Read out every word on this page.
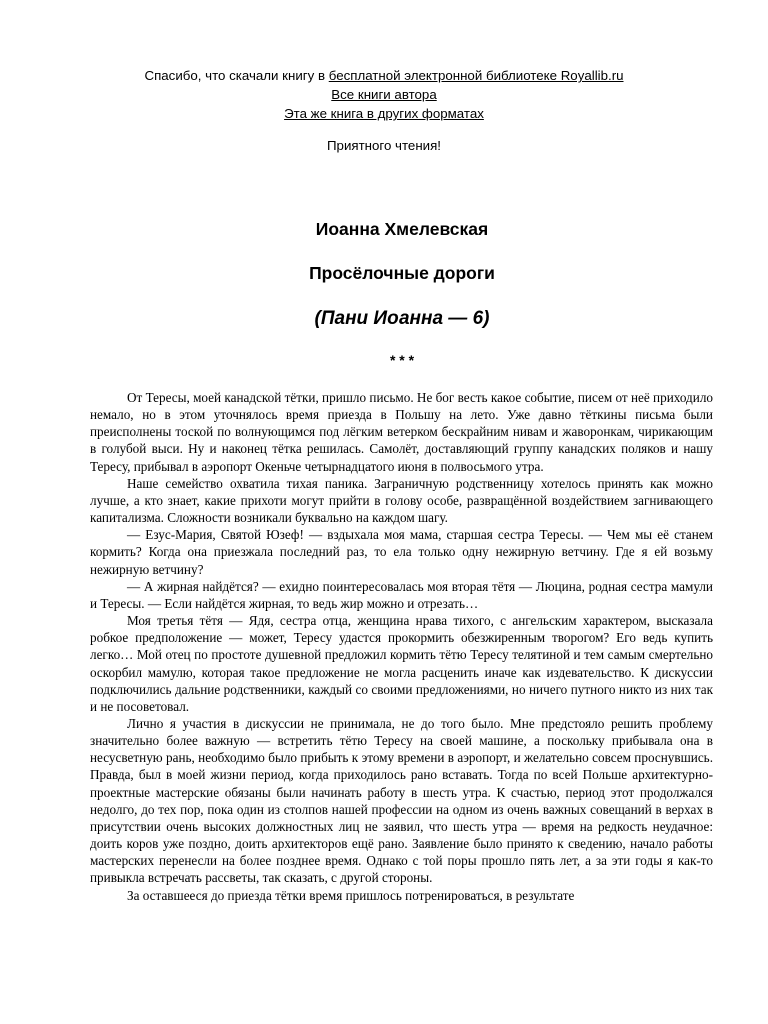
Спасибо, что скачали книгу в бесплатной электронной библиотеке Royallib.ru
Все книги автора
Эта же книга в других форматах
Приятного чтения!
Иоанна Хмелевская
Просёлочные дороги
(Пани Иоанна — 6)
* * *

От Тересы, моей канадской тётки, пришло письмо. Не бог весть какое событие, писем от неё приходило немало, но в этом уточнялось время приезда в Польшу на лето. Уже давно тёткины письма были преисполнены тоской по волнующимся под лёгким ветерком бескрайним нивам и жаворонкам, чирикающим в голубой выси. Ну и наконец тётка решилась. Самолёт, доставляющий группу канадских поляков и нашу Тересу, прибывал в аэропорт Океньче четырнадцатого июня в полвосьмого утра.

Наше семейство охватила тихая паника. Заграничную родственницу хотелось принять как можно лучше, а кто знает, какие прихоти могут прийти в голову особе, развращённой воздействием загнивающего капитализма. Сложности возникали буквально на каждом шагу.

— Езус-Мария, Святой Юзеф! — вздыхала моя мама, старшая сестра Тересы. — Чем мы её станем кормить? Когда она приезжала последний раз, то ела только одну нежирную ветчину. Где я ей возьму нежирную ветчину?

— А жирная найдётся? — ехидно поинтересовалась моя вторая тётя — Люцина, родная сестра мамули и Тересы. — Если найдётся жирная, то ведь жир можно и отрезать…

Моя третья тётя — Ядя, сестра отца, женщина нрава тихого, с ангельским характером, высказала робкое предположение — может, Тересу удастся прокормить обезжиренным творогом? Его ведь купить легко… Мой отец по простоте душевной предложил кормить тётю Тересу телятиной и тем самым смертельно оскорбил мамулю, которая такое предложение не могла расценить иначе как издевательство. К дискуссии подключились дальние родственники, каждый со своими предложениями, но ничего путного никто из них так и не посоветовал.

Лично я участия в дискуссии не принимала, не до того было. Мне предстояло решить проблему значительно более важную — встретить тётю Тересу на своей машине, а поскольку прибывала она в несусветную рань, необходимо было прибыть к этому времени в аэропорт, и желательно совсем проснувшись. Правда, был в моей жизни период, когда приходилось рано вставать. Тогда по всей Польше архитектурно-проектные мастерские обязаны были начинать работу в шесть утра. К счастью, период этот продолжался недолго, до тех пор, пока один из столпов нашей профессии на одном из очень важных совещаний в верхах в присутствии очень высоких должностных лиц не заявил, что шесть утра — время на редкость неудачное: доить коров уже поздно, доить архитекторов ещё рано. Заявление было принято к сведению, начало работы мастерских перенесли на более позднее время. Однако с той поры прошло пять лет, а за эти годы я как-то привыкла встречать рассветы, так сказать, с другой стороны.

За оставшееся до приезда тётки время пришлось потренироваться, в результате
